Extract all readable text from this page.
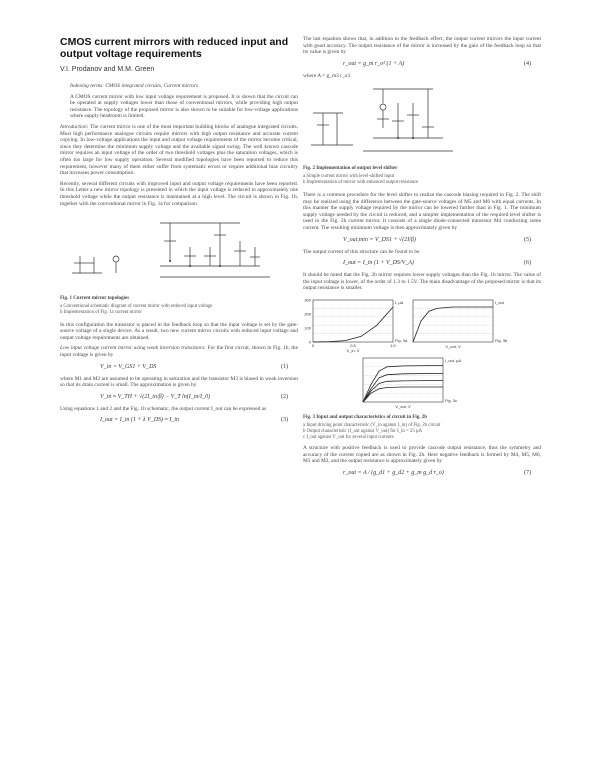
CMOS current mirrors with reduced input and output voltage requirements
V.I. Prodanov and M.M. Green
Indexing terms: CMOS integrated circuits, Current mirrors
A CMOS current mirror with low input voltage requirement is proposed. It is shown that the circuit can be operated at supply voltages lower than those of conventional mirrors, while providing high output resistance. The topology of the proposed mirror is also shown to be suitable for low-voltage applications where supply headroom is limited.
Introduction: The current mirror is one of the most important building blocks of analogue integrated circuits. Most high performance analogue circuits require mirrors with high output resistance and accurate current copying. In low-voltage applications the input and output voltage requirements of the mirror become critical, since they determine the minimum supply voltage and the available signal swing. The well known cascode mirror requires an input voltage of the order of two threshold voltages plus the saturation voltages, which is often too large for low supply operation. Several modified topologies have been reported to reduce this requirement, however many of them either suffer from systematic errors or require additional bias circuitry that increases power consumption.
Recently, several different circuits with improved input and output voltage requirements have been reported. In this Letter a new mirror topology is presented in which the input voltage is reduced to approximately one threshold voltage while the output resistance is maintained at a high level. The circuit is shown in Fig. 1b, together with the conventional mirror in Fig. 1a for comparison.
Fig. 1 Current mirror topologies
a Conventional schematic diagram of current mirror with reduced input voltage
b Implementation of Fig. 1a current mirror
In this configuration the transistor is placed in the feedback loop so that the input voltage is set by the gate-source voltage of a single device. As a result, two new current mirror circuits with reduced input voltage and output voltage requirements are obtained.
Low input voltage current mirror using weak inversion transistors: For the first circuit, shown in Fig. 1b, the input voltage is given by
V_in = V_GS1 + V_DS	(1)
where M1 and M2 are assumed to be operating in saturation and the transistor M3 is biased in weak inversion so that its drain current is small. The approximation is given by
V_in ≈ V_TH + √(2I_in/β) − V_T ln(I_in/I_0)	(2)
Using equations 1 and 2 and the Fig. 1b schematic, the output current I_out can be expressed as
I_out = I_in (1 + λ V_DS) ≈ I_in	(3)
The last equation shows that, in addition to the feedback effect, the output current mirrors the input current with good accuracy. The output resistance of the mirror is increased by the gain of the feedback loop so that its value is given by
r_out = g_m r_o² (1 + A)	(4)
where A = g_m3 r_o3
Fig. 2 Implementation of output level shifter
a Simple current mirror with level-shifted input
b Implementation of mirror with enhanced output resistance
There is a common procedure for the level shifter to realize the cascode biasing required in Fig. 2. The shift may be realized using the difference between the gate-source voltages of M5 and M6 with equal currents. In this manner the supply voltage required by the mirror can be lowered further than in Fig. 1. The minimum supply voltage needed by the circuit is reduced, and a simpler implementation of the required level shifter is used in the Fig. 2b current mirror. It consists of a single diode-connected transistor M4 conducting some current. The resulting minimum voltage is then approximately given by
V_out,min = V_DS1 + √(2I/β)	(5)
The output current of this structure can be found to be
I_out = I_in (1 + V_DS/V_A)	(6)
It should be noted that the Fig. 2b mirror requires lower supply voltages than the Fig. 1b mirror. The value of the input voltage is lower, of the order of 1.3 to 1.5V. The main disadvantage of the proposed mirror is that its output resistance is smaller.
0
100
200
300
0	0.5	1.0
V_in, V
I, µA
Fig. 3a
V_out, V
I_out
Fig. 3b
V_out, V
I_out, µA
Fig. 3c
Fig. 3 Input and output characteristics of circuit in Fig. 2b
a Input driving point characteristic (V_in against I_in) of Fig. 2b circuit
b Output characteristic (I_out against V_out) for I_in = 25 µA
c I_out against V_out for several input currents
A structure with positive feedback is used to provide cascode output resistance, thus the symmetry and accuracy of the current copied are as shown in Fig. 2b. Here negative feedback is formed by M4, M5, M6, M3 and M2, and the output resistance is approximately given by
r_out = A / (g_d1 + g_d2 + g_m g_d r_o)	(7)
